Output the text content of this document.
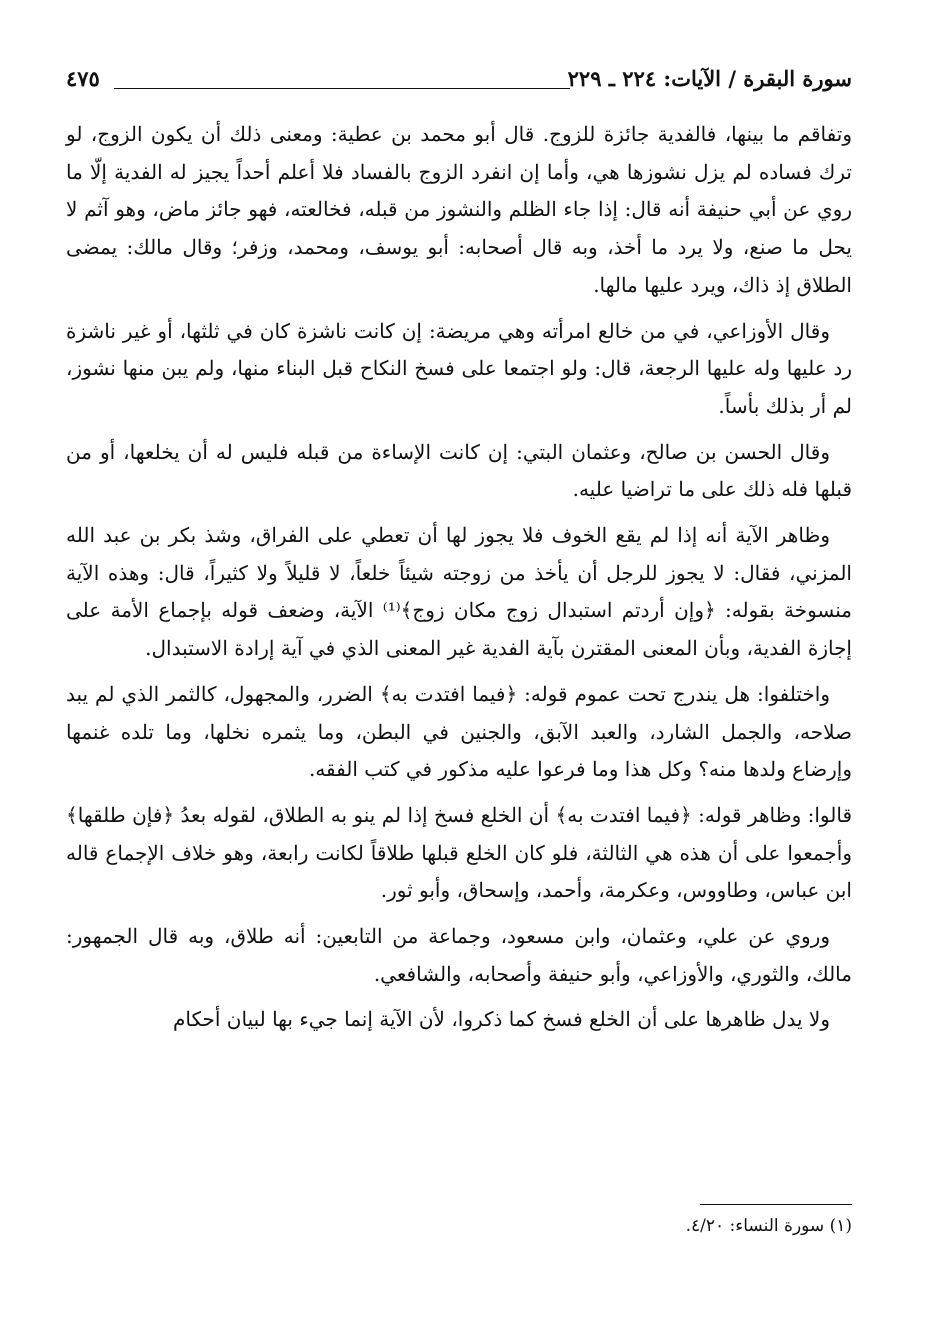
سورة البقرة / الآيات: ٢٢٤ ـ ٢٢٩
٤٧٥

وتفاقم ما بينها، فالفدية جائزة للزوج. قال أبو محمد بن عطية: ومعنى ذلك أن يكون الزوج، لو ترك فساده لم يزل نشوزها هي، وأما إن انفرد الزوج بالفساد فلا أعلم أحداً يجيز له الفدية إلّا ما روي عن أبي حنيفة أنه قال: إذا جاء الظلم والنشوز من قبله، فخالعته، فهو جائز ماض، وهو آثم لا يحل ما صنع، ولا يرد ما أخذ، وبه قال أصحابه: أبو يوسف، ومحمد، وزفر؛ وقال مالك: يمضى الطلاق إذ ذاك، ويرد عليها مالها.

وقال الأوزاعي، في من خالع امرأته وهي مريضة: إن كانت ناشزة كان في ثلثها، أو غير ناشزة رد عليها وله عليها الرجعة، قال: ولو اجتمعا على فسخ النكاح قبل البناء منها، ولم يبن منها نشوز، لم أر بذلك بأساً.

وقال الحسن بن صالح، وعثمان البتي: إن كانت الإساءة من قبله فليس له أن يخلعها، أو من قبلها فله ذلك على ما تراضيا عليه.

وظاهر الآية أنه إذا لم يقع الخوف فلا يجوز لها أن تعطي على الفراق، وشذ بكر بن عبد الله المزني، فقال: لا يجوز للرجل أن يأخذ من زوجته شيئاً خلعاً، لا قليلاً ولا كثيراً، قال: وهذه الآية منسوخة بقوله: ﴿وإن أردتم استبدال زوج مكان زوج﴾⁽¹⁾ الآية، وضعف قوله بإجماع الأمة على إجازة الفدية، وبأن المعنى المقترن بآية الفدية غير المعنى الذي في آية إرادة الاستبدال.

واختلفوا: هل يندرج تحت عموم قوله: ﴿فيما افتدت به﴾ الضرر، والمجهول، كالثمر الذي لم يبد صلاحه، والجمل الشارد، والعبد الآبق، والجنين في البطن، وما يثمره نخلها، وما تلده غنمها وإرضاع ولدها منه؟ وكل هذا وما فرعوا عليه مذكور في كتب الفقه.

قالوا: وظاهر قوله: ﴿فيما افتدت به﴾ أن الخلع فسخ إذا لم ينو به الطلاق، لقوله بعدُ ﴿فإن طلقها﴾ وأجمعوا على أن هذه هي الثالثة، فلو كان الخلع قبلها طلاقاً لكانت رابعة، وهو خلاف الإجماع قاله ابن عباس، وطاووس، وعكرمة، وأحمد، وإسحاق، وأبو ثور.

وروي عن علي، وعثمان، وابن مسعود، وجماعة من التابعين: أنه طلاق، وبه قال الجمهور: مالك، والثوري، والأوزاعي، وأبو حنيفة وأصحابه، والشافعي.

ولا يدل ظاهرها على أن الخلع فسخ كما ذكروا، لأن الآية إنما جيء بها لبيان أحكام

(١) سورة النساء: ٤/٢٠.
